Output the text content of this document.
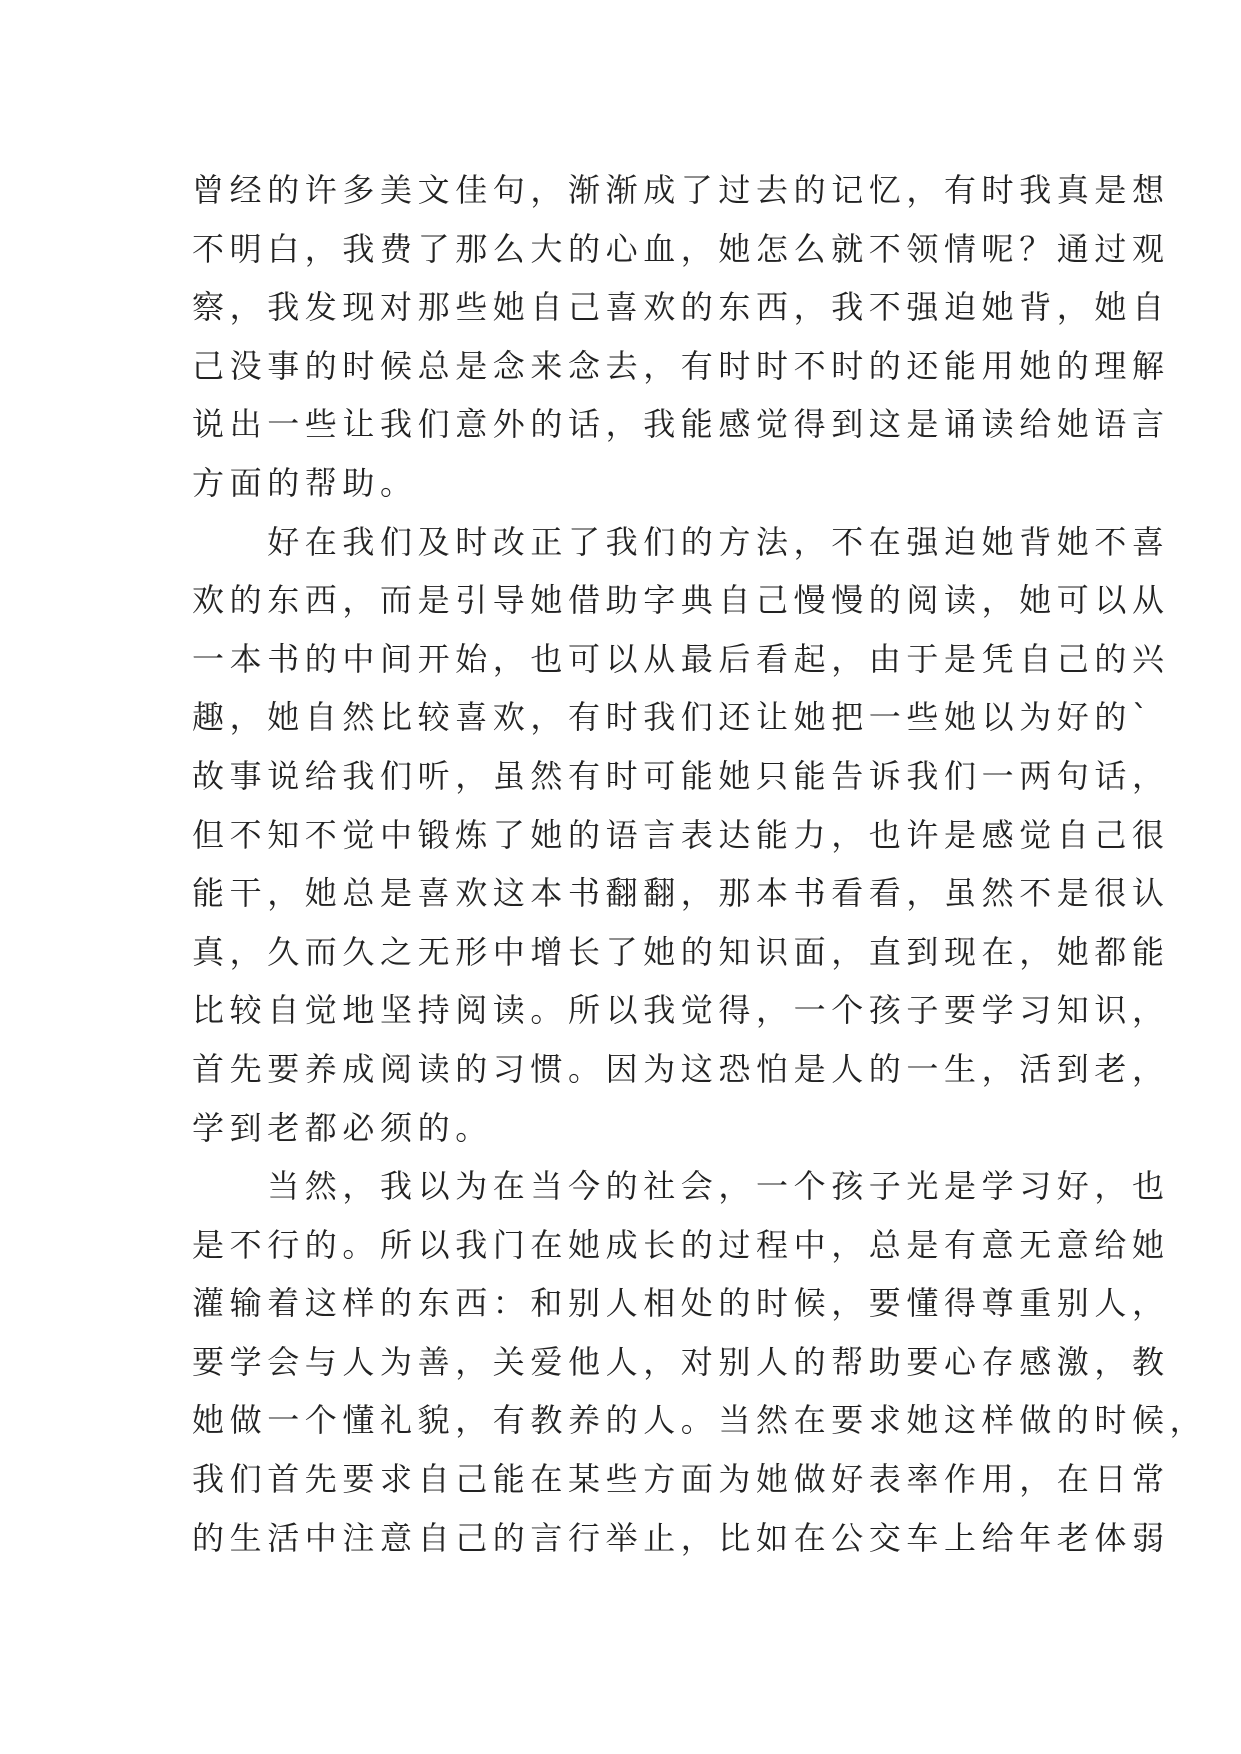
曾经的许多美文佳句，渐渐成了过去的记忆，有时我真是想
不明白，我费了那么大的心血，她怎么就不领情呢？通过观
察，我发现对那些她自己喜欢的东西，我不强迫她背，她自
己没事的时候总是念来念去，有时时不时的还能用她的理解
说出一些让我们意外的话，我能感觉得到这是诵读给她语言
方面的帮助。
　　好在我们及时改正了我们的方法，不在强迫她背她不喜
欢的东西，而是引导她借助字典自己慢慢的阅读，她可以从
一本书的中间开始，也可以从最后看起，由于是凭自己的兴
趣，她自然比较喜欢，有时我们还让她把一些她以为好的`
故事说给我们听，虽然有时可能她只能告诉我们一两句话，
但不知不觉中锻炼了她的语言表达能力，也许是感觉自己很
能干，她总是喜欢这本书翻翻，那本书看看，虽然不是很认
真，久而久之无形中增长了她的知识面，直到现在，她都能
比较自觉地坚持阅读。所以我觉得，一个孩子要学习知识，
首先要养成阅读的习惯。因为这恐怕是人的一生，活到老，
学到老都必须的。
　　当然，我以为在当今的社会，一个孩子光是学习好，也
是不行的。所以我门在她成长的过程中，总是有意无意给她
灌输着这样的东西：和别人相处的时候，要懂得尊重别人，
要学会与人为善，关爱他人，对别人的帮助要心存感激，教
她做一个懂礼貌，有教养的人。当然在要求她这样做的时候，
我们首先要求自己能在某些方面为她做好表率作用，在日常
的生活中注意自己的言行举止，比如在公交车上给年老体弱
